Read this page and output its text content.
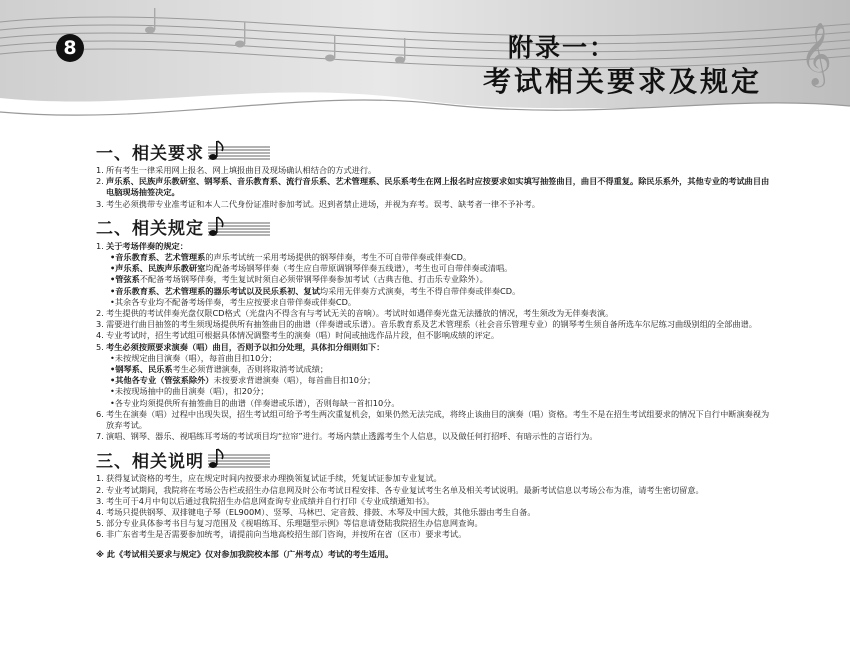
𝄞
8	附录一：
考试相关要求及规定
一、相关要求
1. 所有考生一律采用网上报名、网上填报曲目及现场确认相结合的方式进行。
2. 声乐系、民族声乐教研室、钢琴系、音乐教育系、流行音乐系、艺术管理系、民乐系考生在网上报名时应按要求如实填写抽签曲目，曲目不得重复。除民乐系外，其他专业的考试曲目由电脑现场抽签决定。
3. 考生必须携带专业准考证和本人二代身份证准时参加考试。迟到者禁止进场，并视为弃考。误考、缺考者一律不予补考。
二、相关规定
1. 关于考场伴奏的规定：
•音乐教育系、艺术管理系的声乐考试统一采用考场提供的钢琴伴奏，考生不可自带伴奏或伴奏CD。
•声乐系、民族声乐教研室均配备考场钢琴伴奏（考生应自带原调钢琴伴奏五线谱），考生也可自带伴奏或清唱。
•管弦系不配备考场钢琴伴奏，考生复试时须自必须带钢琴伴奏参加考试（古典吉他、打击乐专业除外）。
•音乐教育系、艺术管理系的器乐考试以及民乐系初、复试均采用无伴奏方式演奏，考生不得自带伴奏或伴奏CD。
•其余各专业均不配备考场伴奏，考生应按要求自带伴奏或伴奏CD。
2. 考生提供的考试伴奏光盘仅限CD格式（光盘内不得含有与考试无关的音响）。考试时如遇伴奏光盘无法播放的情况，考生须改为无伴奏表演。
3. 需要进行曲目抽签的考生须现场提供所有抽签曲目的曲谱（伴奏谱或乐谱）。音乐教育系及艺术管理系（社会音乐管理专业）的钢琴考生须自备所选车尔尼练习曲级别组的全部曲谱。
4. 专业考试时，招生考试组可根据具体情况调整考生的演奏（唱）时间或抽选作品片段，但不影响成绩的评定。
5. 考生必须按照要求演奏（唱）曲目，否则予以扣分处理，具体扣分细则如下：
•未按规定曲目演奏（唱），每首曲目扣10分；
•钢琴系、民乐系考生必须背谱演奏，否则将取消考试成绩；
•其他各专业（管弦系除外）未按要求背谱演奏（唱），每首曲目扣10分；
•未按现场抽中的曲目演奏（唱），扣20分；
•各专业均须提供所有抽签曲目的曲谱（伴奏谱或乐谱），否则每缺一首扣10分。
6. 考生在演奏（唱）过程中出现失误，招生考试组可给予考生两次重复机会，如果仍然无法完成，将终止该曲目的演奏（唱）资格。考生不是在招生考试组要求的情况下自行中断演奏视为放弃考试。
7. 演唱、钢琴、器乐、视唱练耳考场的考试项目均“拉帘”进行。考场内禁止透露考生个人信息，以及做任何打招呼、有暗示性的言语行为。
三、相关说明
1. 获得复试资格的考生，应在规定时间内按要求办理换领复试证手续，凭复试证参加专业复试。
2. 专业考试期间，我院将在考场公告栏或招生办信息网及时公布考试日程安排、各专业复试考生名单及相关考试说明。最新考试信息以考场公布为准，请考生密切留意。
3. 考生可于4月中旬以后通过我院招生办信息网查询专业成绩并自行打印《专业成绩通知书》。
4. 考场只提供钢琴、双排键电子琴（EL900M）、竖琴、马林巴、定音鼓、排鼓、木琴及中国大鼓，其他乐器由考生自备。
5. 部分专业具体参考书目与复习范围及《视唱练耳、乐理题型示例》等信息请登陆我院招生办信息网查询。
6. 非广东省考生是否需要参加统考，请提前向当地高校招生部门咨询，并按所在省（区市）要求考试。
※ 此《考试相关要求与规定》仅对参加我院校本部（广州考点）考试的考生适用。
